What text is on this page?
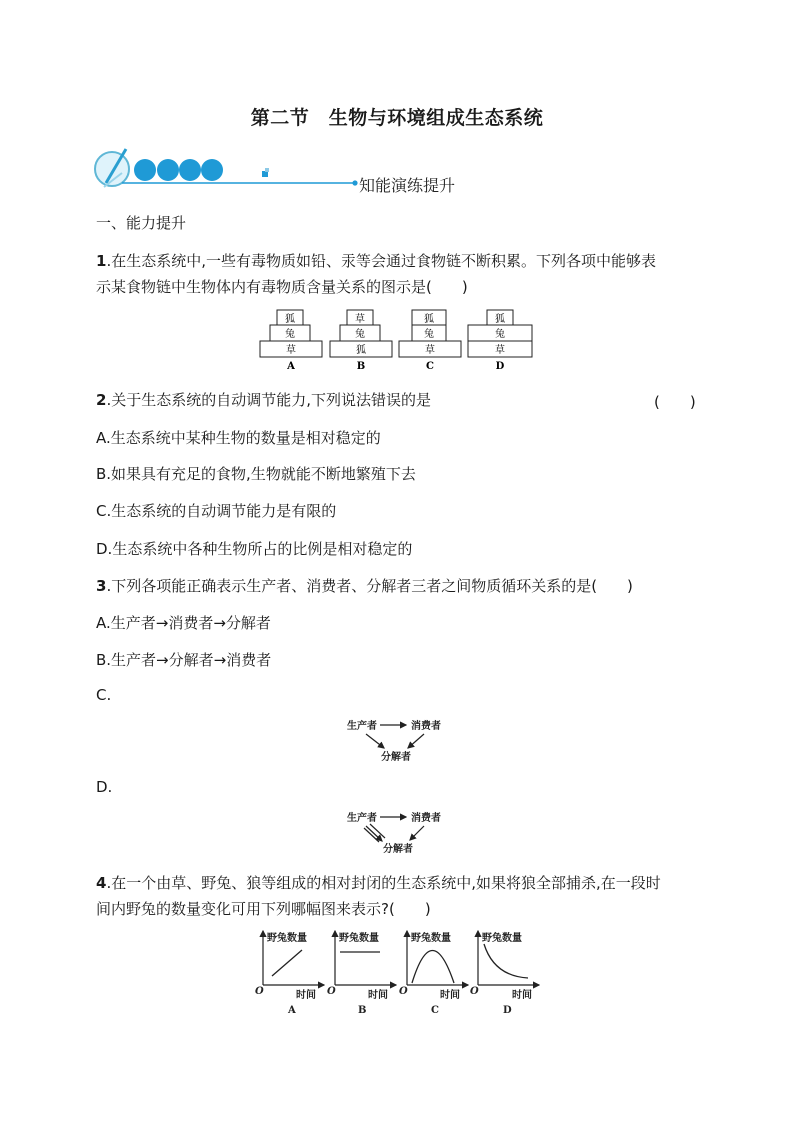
第二节　生物与环境组成生态系统
知能演练提升
一、能力提升
1.在生态系统中,一些有毒物质如铅、汞等会通过食物链不断积累。下列各项中能够表
示某食物链中生物体内有毒物质含量关系的图示是(　　)
狐
兔
草
A
草
兔
狐
B
狐
兔
草
C
狐
兔
草
D
2.关于生态系统的自动调节能力,下列说法错误的是	(　　)
A.生态系统中某种生物的数量是相对稳定的
B.如果具有充足的食物,生物就能不断地繁殖下去
C.生态系统的自动调节能力是有限的
D.生态系统中各种生物所占的比例是相对稳定的
3.下列各项能正确表示生产者、消费者、分解者三者之间物质循环关系的是(　　)
A.生产者→消费者→分解者
B.生产者→分解者→消费者
C.
生产者	消费者
分解者
D.
生产者	消费者
分解者
4.在一个由草、野兔、狼等组成的相对封闭的生态系统中,如果将狼全部捕杀,在一段时
间内野兔的数量变化可用下列哪幅图来表示?(　　)
野兔数量
时间
O
A
野兔数量
时间
O
B
野兔数量
时间
O
C
野兔数量
时间
O
D
